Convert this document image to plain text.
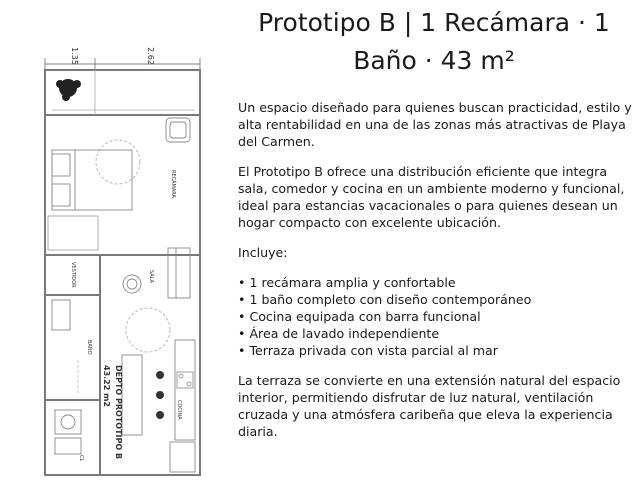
1.35	2.62
RECÁMARA
VESTIDOR	SALA
COCINA
BAÑO
CL	DEPTO PROTOTIPO B
43.22 m2
Prototipo B | 1 Recámara · 1
Baño · 43 m²

Un espacio diseñado para quienes buscan practicidad, estilo y alta rentabilidad en una de las zonas más atractivas de Playa del Carmen.

El Prototipo B ofrece una distribución eficiente que integra sala, comedor y cocina en un ambiente moderno y funcional, ideal para estancias vacacionales o para quienes desean un hogar compacto con excelente ubicación.

Incluye:

• 1 recámara amplia y confortable
• 1 baño completo con diseño contemporáneo
• Cocina equipada con barra funcional
• Área de lavado independiente
• Terraza privada con vista parcial al mar

La terraza se convierte en una extensión natural del espacio interior, permitiendo disfrutar de luz natural, ventilación cruzada y una atmósfera caribeña que eleva la experiencia diaria.
